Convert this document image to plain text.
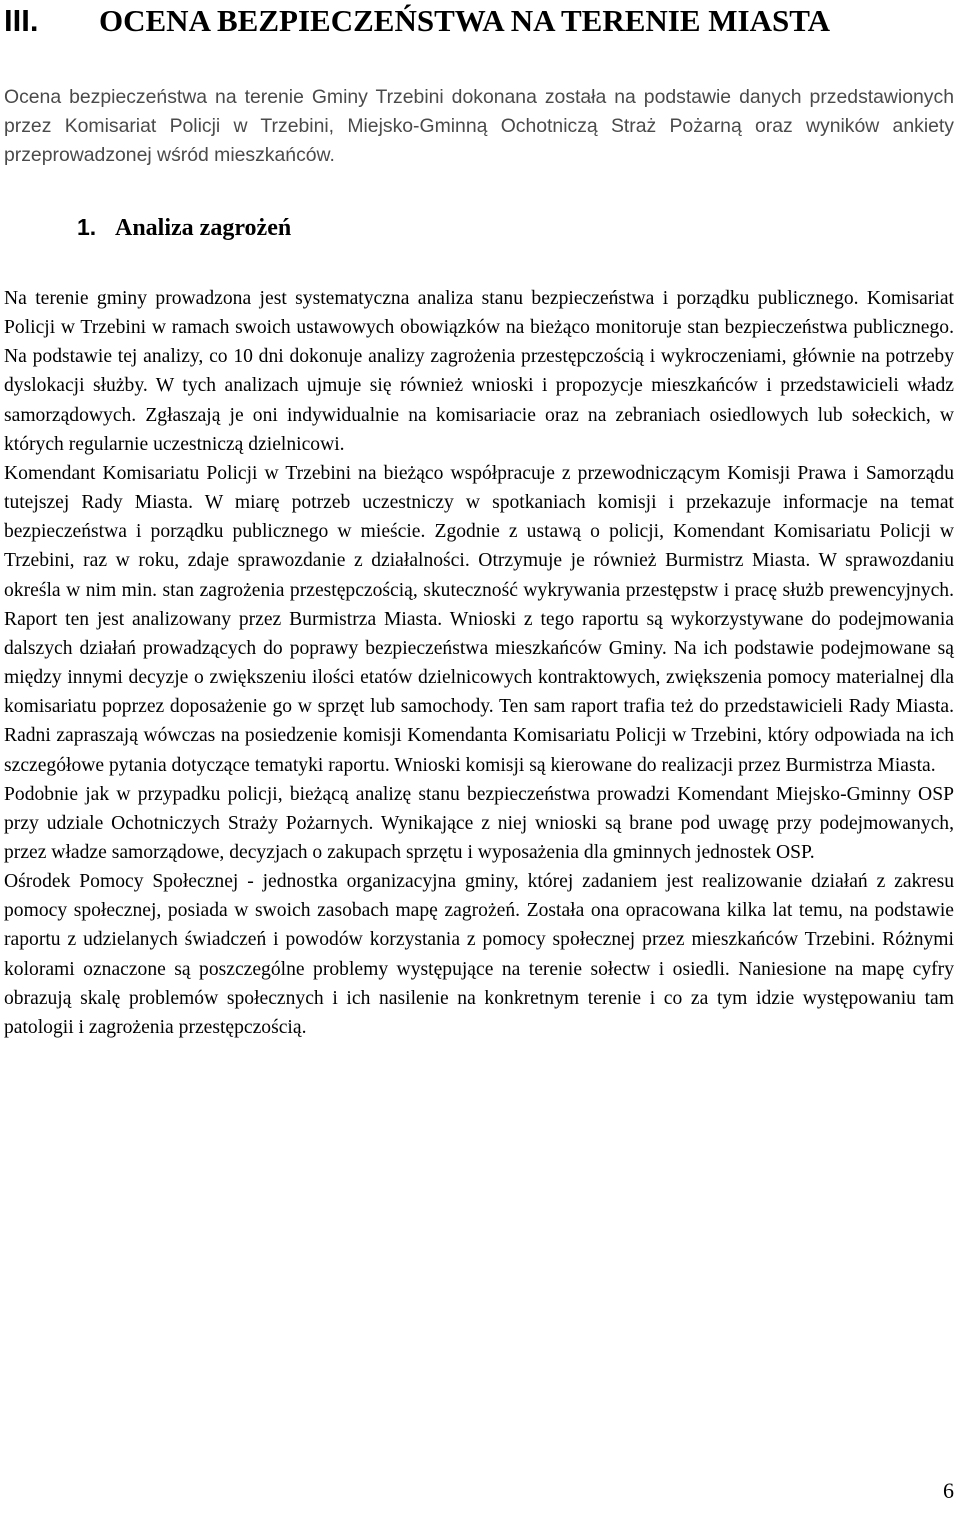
III. OCENA BEZPIECZEŃSTWA NA TERENIE MIASTA

Ocena bezpieczeństwa na terenie Gminy Trzebini dokonana została na podstawie danych przedstawionych przez Komisariat Policji w Trzebini, Miejsko-Gminną Ochotniczą Straż Pożarną oraz wyników ankiety przeprowadzonej wśród mieszkańców.

1. Analiza zagrożeń

Na terenie gminy prowadzona jest systematyczna analiza stanu bezpieczeństwa i porządku publicznego. Komisariat Policji w Trzebini w ramach swoich ustawowych obowiązków na bieżąco monitoruje stan bezpieczeństwa publicznego. Na podstawie tej analizy, co 10 dni dokonuje analizy zagrożenia przestępczością i wykroczeniami, głównie na potrzeby dyslokacji służby. W tych analizach ujmuje się również wnioski i propozycje mieszkańców i przedstawicieli władz samorządowych. Zgłaszają je oni indywidualnie na komisariacie oraz na zebraniach osiedlowych lub sołeckich, w których regularnie uczestniczą dzielnicowi.

Komendant Komisariatu Policji w Trzebini na bieżąco współpracuje z przewodniczącym Komisji Prawa i Samorządu tutejszej Rady Miasta. W miarę potrzeb uczestniczy w spotkaniach komisji i przekazuje informacje na temat bezpieczeństwa i porządku publicznego w mieście. Zgodnie z ustawą o policji, Komendant Komisariatu Policji w Trzebini, raz w roku, zdaje sprawozdanie z działalności. Otrzymuje je również Burmistrz Miasta. W sprawozdaniu określa w nim min. stan zagrożenia przestępczością, skuteczność wykrywania przestępstw i pracę służb prewencyjnych. Raport ten jest analizowany przez Burmistrza Miasta. Wnioski z tego raportu są wykorzystywane do podejmowania dalszych działań prowadzących do poprawy bezpieczeństwa mieszkańców Gminy. Na ich podstawie podejmowane są między innymi decyzje o zwiększeniu ilości etatów dzielnicowych kontraktowych, zwiększenia pomocy materialnej dla komisariatu poprzez doposażenie go w sprzęt lub samochody. Ten sam raport trafia też do przedstawicieli Rady Miasta. Radni zapraszają wówczas na posiedzenie komisji Komendanta Komisariatu Policji w Trzebini, który odpowiada na ich szczegółowe pytania dotyczące tematyki raportu. Wnioski komisji są kierowane do realizacji przez Burmistrza Miasta.

Podobnie jak w przypadku policji, bieżącą analizę stanu bezpieczeństwa prowadzi Komendant Miejsko-Gminny OSP przy udziale Ochotniczych Straży Pożarnych. Wynikające z niej wnioski są brane pod uwagę przy podejmowanych, przez władze samorządowe, decyzjach o zakupach sprzętu i wyposażenia dla gminnych jednostek OSP.

Ośrodek Pomocy Społecznej - jednostka organizacyjna gminy, której zadaniem jest realizowanie działań z zakresu pomocy społecznej, posiada w swoich zasobach mapę zagrożeń. Została ona opracowana kilka lat temu, na podstawie raportu z udzielanych świadczeń i powodów korzystania z pomocy społecznej przez mieszkańców Trzebini. Różnymi kolorami oznaczone są poszczególne problemy występujące na terenie sołectw i osiedli. Naniesione na mapę cyfry obrazują skalę problemów społecznych i ich nasilenie na konkretnym terenie i co za tym idzie występowaniu tam patologii i zagrożenia przestępczością.

6
